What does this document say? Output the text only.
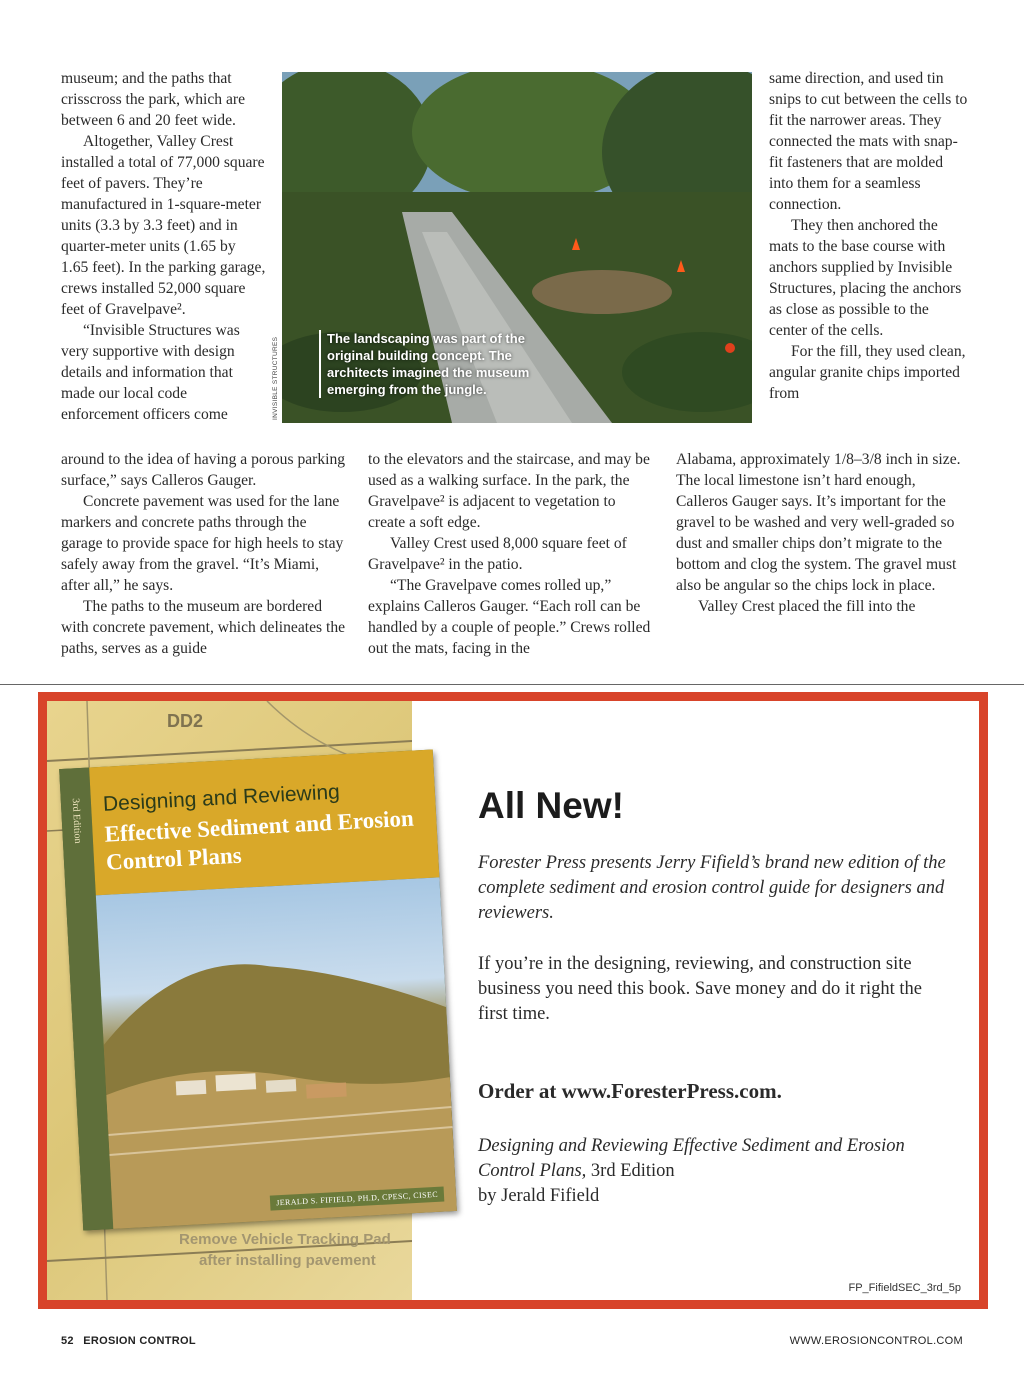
museum; and the paths that crisscross the park, which are between 6 and 20 feet wide.

Altogether, Valley Crest installed a total of 77,000 square feet of pavers. They’re manufactured in 1-square-meter units (3.3 by 3.3 feet) and in quarter-meter units (1.65 by 1.65 feet). In the parking garage, crews installed 52,000 square feet of Gravelpave².

“Invisible Structures was very supportive with design details and information that made our local code enforcement officers come

The landscaping was part of the original building concept. The architects imagined the museum emerging from the jungle.
INVISIBLE STRUCTURES

around to the idea of having a porous parking surface,” says Calleros Gauger.

Concrete pavement was used for the lane markers and concrete paths through the garage to provide space for high heels to stay safely away from the gravel. “It’s Miami, after all,” he says.

The paths to the museum are bordered with concrete pavement, which delineates the paths, serves as a guide

to the elevators and the staircase, and may be used as a walking surface. In the park, the Gravelpave² is adjacent to vegetation to create a soft edge.

Valley Crest used 8,000 square feet of Gravelpave² in the patio.

“The Gravelpave comes rolled up,” explains Calleros Gauger. “Each roll can be handled by a couple of people.” Crews rolled out the mats, facing in the

same direction, and used tin snips to cut between the cells to fit the narrower areas. They connected the mats with snap-fit fasteners that are molded into them for a seamless connection.

They then anchored the mats to the base course with anchors supplied by Invisible Structures, placing the anchors as close as possible to the center of the cells.

For the fill, they used clean, angular granite chips imported from

Alabama, approximately 1/8–3/8 inch in size. The local limestone isn’t hard enough, Calleros Gauger says. It’s important for the gravel to be washed and very well-graded so dust and smaller chips don’t migrate to the bottom and clog the system. The gravel must also be angular so the chips lock in place.

Valley Crest placed the fill into the

DD2
Remove Vehicle Tracking Pad
after installing pavement
All New!
Forester Press presents Jerry Fifield’s brand new edition of the complete sediment and erosion control guide for designers and reviewers.
If you’re in the designing, reviewing, and construction site business you need this book. Save money and do it right the first time.
Order at www.ForesterPress.com.
Designing and Reviewing Effective Sediment and Erosion Control Plans, 3rd Edition
by Jerald Fifield
FP_FifieldSEC_3rd_5p
3rd Edition Designing and Reviewing
Effective Sediment and Erosion Control Plans
JERALD S. FIFIELD, PH.D, CPESC, CISEC
52 EROSION CONTROL	WWW.EROSIONCONTROL.COM
